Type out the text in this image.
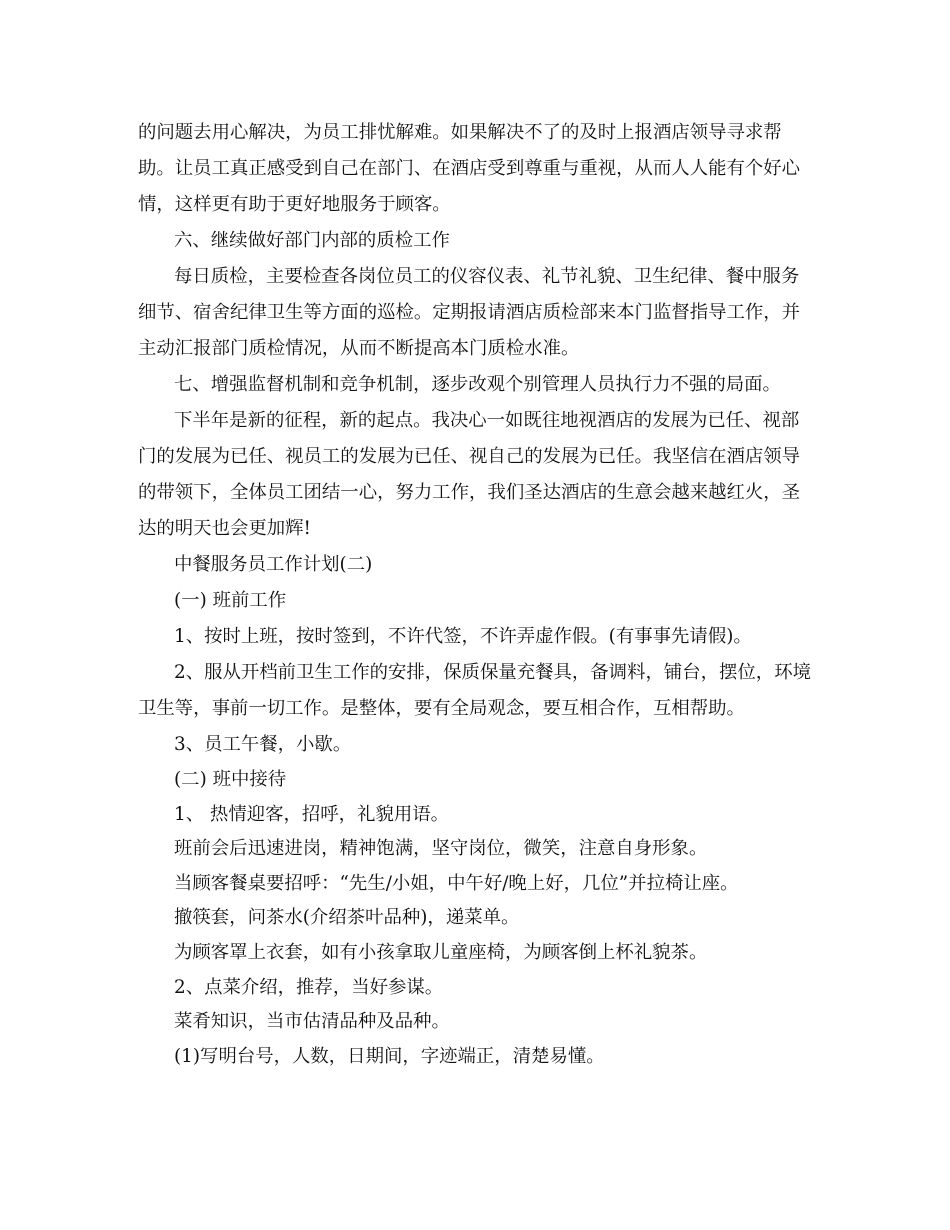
的问题去用心解决，为员工排忧解难。如果解决不了的及时上报酒店领导寻求帮助。让员工真正感受到自己在部门、在酒店受到尊重与重视，从而人人能有个好心情，这样更有助于更好地服务于顾客。

六、继续做好部门内部的质检工作

每日质检，主要检查各岗位员工的仪容仪表、礼节礼貌、卫生纪律、餐中服务细节、宿舍纪律卫生等方面的巡检。定期报请酒店质检部来本门监督指导工作，并主动汇报部门质检情况，从而不断提高本门质检水准。

七、增强监督机制和竞争机制，逐步改观个别管理人员执行力不强的局面。

下半年是新的征程，新的起点。我决心一如既往地视酒店的发展为已任、视部门的发展为已任、视员工的发展为已任、视自己的发展为已任。我坚信在酒店领导的带领下，全体员工团结一心，努力工作，我们圣达酒店的生意会越来越红火，圣达的明天也会更加辉!

中餐服务员工作计划(二)

(一) 班前工作

1、按时上班，按时签到，不许代签，不许弄虚作假。(有事事先请假)。

2、服从开档前卫生工作的安排，保质保量充餐具，备调料，铺台，摆位，环境卫生等，事前一切工作。是整体，要有全局观念，要互相合作，互相帮助。

3、员工午餐，小歇。

(二) 班中接待

1、 热情迎客，招呼，礼貌用语。

班前会后迅速进岗，精神饱满，坚守岗位，微笑，注意自身形象。

当顾客餐桌要招呼：“先生/小姐，中午好/晚上好，几位”并拉椅让座。

撤筷套，问茶水(介绍茶叶品种)，递菜单。

为顾客罩上衣套，如有小孩拿取儿童座椅，为顾客倒上杯礼貌茶。

2、点菜介绍，推荐，当好参谋。

菜肴知识，当市估清品种及品种。

(1)写明台号，人数，日期间，字迹端正，清楚易懂。
